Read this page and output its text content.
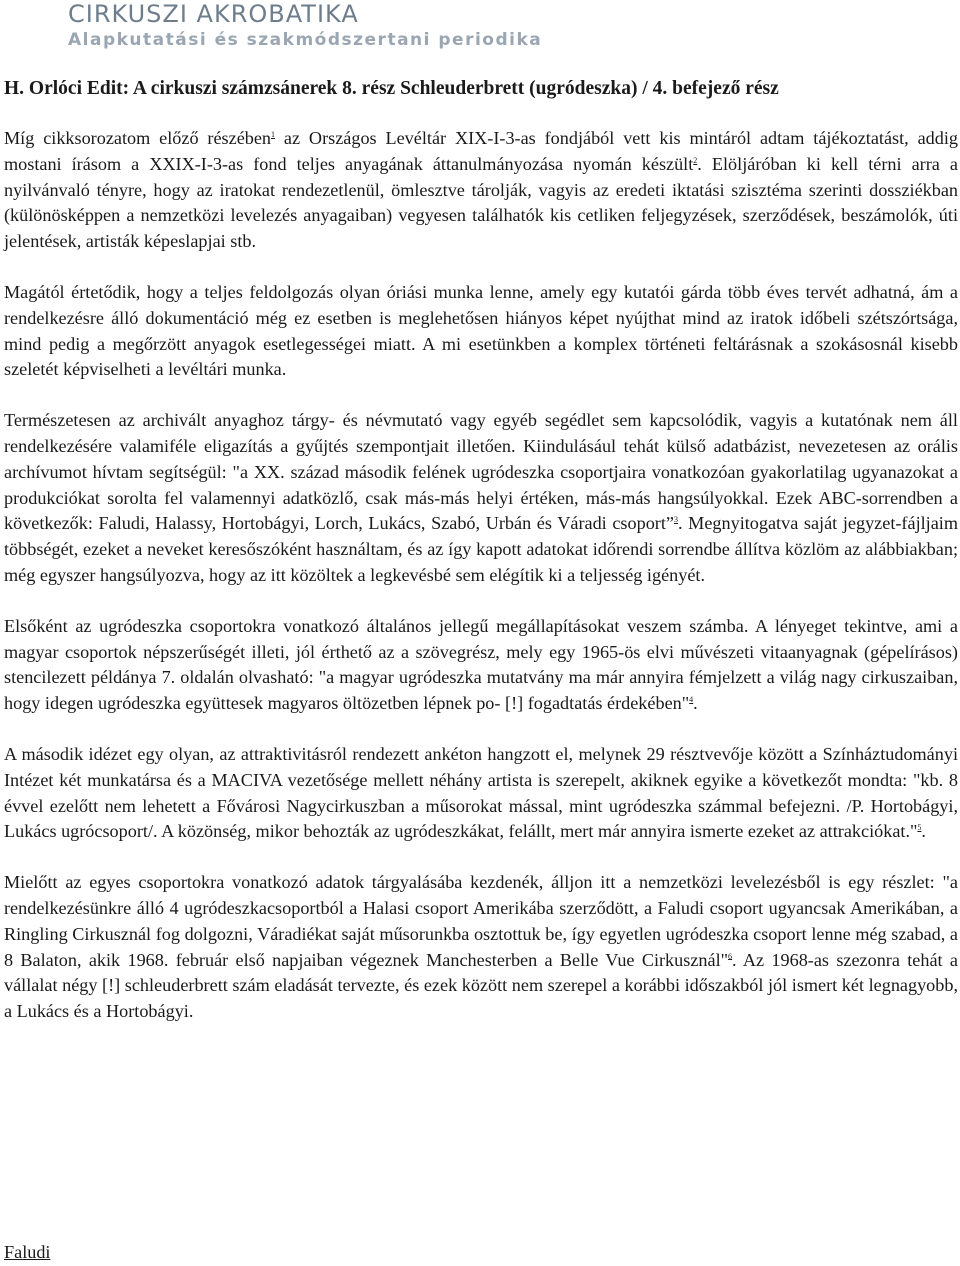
CIRKUSZI AKROBATIKA
Alapkutatási és szakmódszertani periodika
H. Orlóci Edit: A cirkuszi számzsánerek 8. rész Schleuderbrett (ugródeszka) / 4. befejező rész

Míg cikksorozatom előző részében$^1$ az Országos Levéltár XIX-I-3-as fondjából vett kis mintáról adtam tájékoztatást, addig mostani írásom a XXIX-I-3-as fond teljes anyagának áttanulmányozása nyomán készült$^2$. Elöljáróban ki kell térni arra a nyilvánvaló tényre, hogy az iratokat rendezetlenül, ömlesztve tárolják, vagyis az eredeti iktatási szisztéma szerinti dossziékban (különösképpen a nemzetközi levelezés anyagaiban) vegyesen találhatók kis cetliken feljegyzések, szerződések, beszámolók, úti jelentések, artisták képeslapjai stb.

Magától értetődik, hogy a teljes feldolgozás olyan óriási munka lenne, amely egy kutatói gárda több éves tervét adhatná, ám a rendelkezésre álló dokumentáció még ez esetben is meglehetősen hiányos képet nyújthat mind az iratok időbeli szétszórtsága, mind pedig a megőrzött anyagok esetlegességei miatt. A mi esetünkben a komplex történeti feltárásnak a szokásosnál kisebb szeletét képviselheti a levéltári munka.

Természetesen az archivált anyaghoz tárgy- és névmutató vagy egyéb segédlet sem kapcsolódik, vagyis a kutatónak nem áll rendelkezésére valamiféle eligazítás a gyűjtés szempontjait illetően. Kiindulásául tehát külső adatbázist, nevezetesen az orális archívumot hívtam segítségül: "a XX. század második felének ugródeszka csoportjaira vonatkozóan gyakorlatilag ugyanazokat a produkciókat sorolta fel valamennyi adatközlő, csak más-más helyi értéken, más-más hangsúlyokkal. Ezek ABC-sorrendben a következők: Faludi, Halassy, Hortobágyi, Lorch, Lukács, Szabó, Urbán és Váradi csoport”$^3$. Megnyitogatva saját jegyzet-fájljaim többségét, ezeket a neveket keresőszóként használtam, és az így kapott adatokat időrendi sorrendbe állítva közlöm az alábbiakban; még egyszer hangsúlyozva, hogy az itt közöltek a legkevésbé sem elégítik ki a teljesség igényét.

Elsőként az ugródeszka csoportokra vonatkozó általános jellegű megállapításokat veszem számba. A lényeget tekintve, ami a magyar csoportok népszerűségét illeti, jól érthető az a szövegrész, mely egy 1965-ös elvi művészeti vitaanyagnak (gépelírásos) stencilezett példánya 7. oldalán olvasható: "a magyar ugródeszka mutatvány ma már annyira fémjelzett a világ nagy cirkuszaiban, hogy idegen ugródeszka együttesek magyaros öltözetben lépnek po- [!] fogadtatás érdekében"$^4$.

A második idézet egy olyan, az attraktivitásról rendezett ankéton hangzott el, melynek 29 résztvevője között a Színháztudományi Intézet két munkatársa és a MACIVA vezetősége mellett néhány artista is szerepelt, akiknek egyike a következőt mondta: "kb. 8 évvel ezelőtt nem lehetett a Fővárosi Nagycirkuszban a műsorokat mással, mint ugródeszka számmal befejezni. /P. Hortobágyi, Lukács ugrócsoport/. A közönség, mikor behozták az ugródeszkákat, felállt, mert már annyira ismerte ezeket az attrakciókat."$^5$.

Mielőtt az egyes csoportokra vonatkozó adatok tárgyalásába kezdenék, álljon itt a nemzetközi levelezésből is egy részlet: "a rendelkezésünkre álló 4 ugródeszkacsoportból a Halasi csoport Amerikába szerződött, a Faludi csoport ugyancsak Amerikában, a Ringling Cirkusznál fog dolgozni, Váradiékat saját műsorunkba osztottuk be, így egyetlen ugródeszka csoport lenne még szabad, a 8 Balaton, akik 1968. február első napjaiban végeznek Manchesterben a Belle Vue Cirkusznál"$^6$. Az 1968-as szezonra tehát a vállalat négy [!] schleuderbrett szám eladását tervezte, és ezek között nem szerepel a korábbi időszakból jól ismert két legnagyobb, a Lukács és a Hortobágyi.

Faludi
